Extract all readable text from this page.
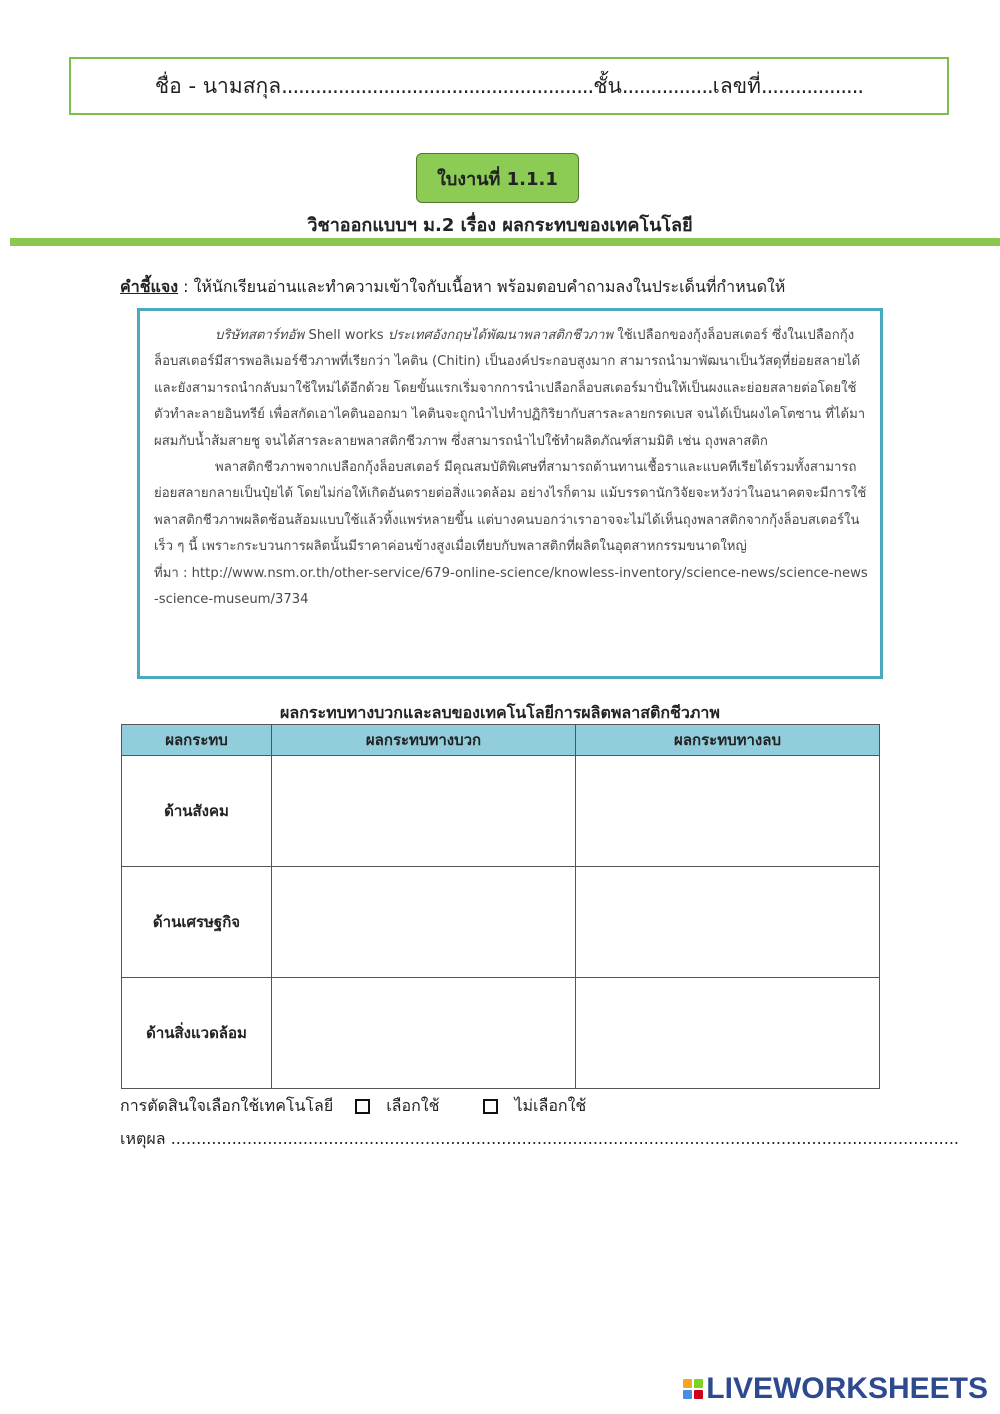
ชื่อ - นามสกุล ....................................................... ชั้น ................ เลขที่ ..................
ใบงานที่ 1.1.1
วิชาออกแบบฯ ม.2 เรื่อง ผลกระทบของเทคโนโลยี
คำชี้แจง : ให้นักเรียนอ่านและทำความเข้าใจกับเนื้อหา พร้อมตอบคำถามลงในประเด็นที่กำหนดให้

บริษัทสตาร์ทอัพ Shell works ประเทศอังกฤษได้พัฒนาพลาสติกชีวภาพ ใช้เปลือกของกุ้งล็อบสเตอร์ ซึ่งในเปลือกกุ้งล็อบสเตอร์มีสารพอลิเมอร์ชีวภาพที่เรียกว่า ไคติน (Chitin) เป็นองค์ประกอบสูงมาก สามารถนำมาพัฒนาเป็นวัสดุที่ย่อยสลายได้และยังสามารถนำกลับมาใช้ใหม่ได้อีกด้วย โดยขั้นแรกเริ่มจากการนำเปลือกล็อบสเตอร์มาปั่นให้เป็นผงและย่อยสลายต่อโดยใช้ตัวทำละลายอินทรีย์ เพื่อสกัดเอาไคตินออกมา ไคตินจะถูกนำไปทำปฏิกิริยากับสารละลายกรดเบส จนได้เป็นผงไคโตซาน ที่ได้มาผสมกับน้ำส้มสายชู จนได้สารละลายพลาสติกชีวภาพ ซึ่งสามารถนำไปใช้ทำผลิตภัณฑ์สามมิติ เช่น ถุงพลาสติก

พลาสติกชีวภาพจากเปลือกกุ้งล็อบสเตอร์ มีคุณสมบัติพิเศษที่สามารถต้านทานเชื้อราและแบคทีเรียได้รวมทั้งสามารถย่อยสลายกลายเป็นปุ๋ยได้ โดยไม่ก่อให้เกิดอันตรายต่อสิ่งแวดล้อม อย่างไรก็ตาม แม้บรรดานักวิจัยจะหวังว่าในอนาคตจะมีการใช้พลาสติกชีวภาพผลิตช้อนส้อมแบบใช้แล้วทิ้งแพร่หลายขึ้น แต่บางคนบอกว่าเราอาจจะไม่ได้เห็นถุงพลาสติกจากกุ้งล็อบสเตอร์ในเร็ว ๆ นี้ เพราะกระบวนการผลิตนั้นมีราคาค่อนข้างสูงเมื่อเทียบกับพลาสติกที่ผลิตในอุตสาหกรรมขนาดใหญ่

ที่มา : http://www.nsm.or.th/other-service/679-online-science/knowless-inventory/science-news/science-news-science-museum/3734

ผลกระทบทางบวกและลบของเทคโนโลยีการผลิตพลาสติกชีวภาพ
ผลกระทบ	ผลกระทบทางบวก	ผลกระทบทางลบ
ด้านสังคม		
ด้านเศรษฐกิจ		
ด้านสิ่งแวดล้อม		
การตัดสินใจเลือกใช้เทคโนโลยี	เลือกใช้	ไม่เลือกใช้
เหตุผล ...........................................................................................................................................................
LIVEWORKSHEETS
